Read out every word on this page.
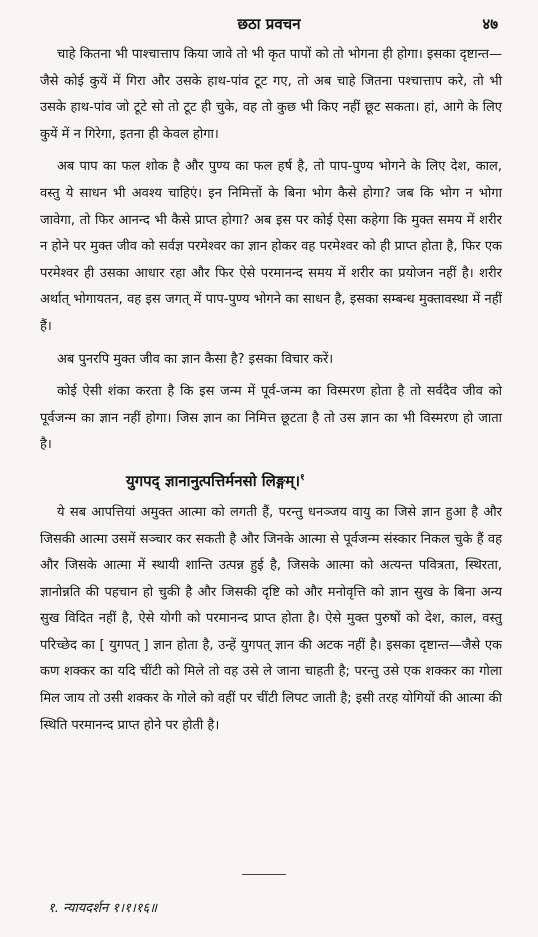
छठा प्रवचन	४७

चाहे कितना भी पाश्चात्ताप किया जावे तो भी कृत पापों को तो भोगना ही होगा। इसका दृष्टान्त—जैसे कोई कुयें में गिरा और उसके हाथ-पांव टूट गए, तो अब चाहे जितना पश्चात्ताप करे, तो भी उसके हाथ-पांव जो टूटे सो तो टूट ही चुके, वह तो कुछ भी किए नहीं छूट सकता। हां, आगे के लिए कुयें में न गिरेगा, इतना ही केवल होगा।

अब पाप का फल शोक है और पुण्य का फल हर्ष है, तो पाप-पुण्य भोगने के लिए देश, काल, वस्तु ये साधन भी अवश्य चाहिएं। इन निमित्तों के बिना भोग कैसे होगा? जब कि भोग न भोगा जावेगा, तो फिर आनन्द भी कैसे प्राप्त होगा? अब इस पर कोई ऐसा कहेगा कि मुक्त समय में शरीर न होने पर मुक्त जीव को सर्वज्ञ परमेश्वर का ज्ञान होकर वह परमेश्वर को ही प्राप्त होता है, फिर एक परमेश्वर ही उसका आधार रहा और फिर ऐसे परमानन्द समय में शरीर का प्रयोजन नहीं है। शरीर अर्थात् भोगायतन, वह इस जगत् में पाप-पुण्य भोगने का साधन है, इसका सम्बन्ध मुक्तावस्था में नहीं हैं।

अब पुनरपि मुक्त जीव का ज्ञान कैसा है? इसका विचार करें।

कोई ऐसी शंका करता है कि इस जन्म में पूर्व-जन्म का विस्मरण होता है तो सर्वदैव जीव को पूर्वजन्म का ज्ञान नहीं होगा। जिस ज्ञान का निमित्त छूटता है तो उस ज्ञान का भी विस्मरण हो जाता है।

युगपद् ज्ञानानुत्पत्तिर्मनसो लिङ्गम्।$^१$

ये सब आपत्तियां अमुक्त आत्मा को लगती हैं, परन्तु धनञ्जय वायु का जिसे ज्ञान हुआ है और जिसकी आत्मा उसमें सञ्चार कर सकती है और जिनके आत्मा से पूर्वजन्म संस्कार निकल चुके हैं वह और जिसके आत्मा में स्थायी शान्ति उत्पन्न हुई है, जिसके आत्मा को अत्यन्त पवित्रता, स्थिरता, ज्ञानोन्नति की पहचान हो चुकी है और जिसकी दृष्टि को और मनोवृत्ति को ज्ञान सुख के बिना अन्य सुख विदित नहीं है, ऐसे योगी को परमानन्द प्राप्त होता है। ऐसे मुक्त पुरुषों को देश, काल, वस्तु परिच्छेद का [ युगपत् ] ज्ञान होता है, उन्हें युगपत् ज्ञान की अटक नहीं है। इसका दृष्टान्त—जैसे एक कण शक्कर का यदि चींटी को मिले तो वह उसे ले जाना चाहती है; परन्तु उसे एक शक्कर का गोला मिल जाय तो उसी शक्कर के गोले को वहीं पर चींटी लिपट जाती है; इसी तरह योगियों की आत्मा की स्थिति परमानन्द प्राप्त होने पर होती है।

१. न्यायदर्शन १।१।१६॥
